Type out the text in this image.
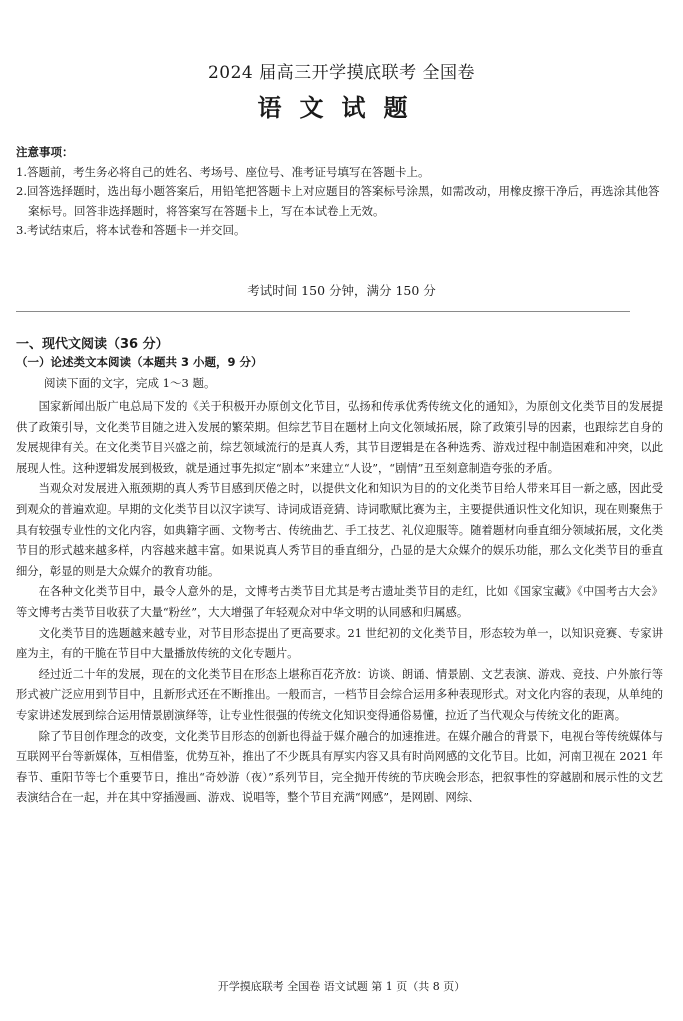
2024 届高三开学摸底联考 全国卷
语文试题
注意事项：
1.答题前，考生务必将自己的姓名、考场号、座位号、准考证号填写在答题卡上。
2.回答选择题时，选出每小题答案后，用铅笔把答题卡上对应题目的答案标号涂黑，如需改动，用橡皮擦干净后，再选涂其他答案标号。回答非选择题时，将答案写在答题卡上，写在本试卷上无效。
3.考试结束后，将本试卷和答题卡一并交回。
考试时间 150 分钟，满分 150 分
一、现代文阅读（36 分）
（一）论述类文本阅读（本题共 3 小题，9 分）
阅读下面的文字，完成 1～3 题。

国家新闻出版广电总局下发的《关于积极开办原创文化节目，弘扬和传承优秀传统文化的通知》，为原创文化类节目的发展提供了政策引导，文化类节目随之进入发展的繁荣期。但综艺节目在题材上向文化领域拓展，除了政策引导的因素，也跟综艺自身的发展规律有关。在文化类节目兴盛之前，综艺领域流行的是真人秀，其节目逻辑是在各种选秀、游戏过程中制造困难和冲突，以此展现人性。这种逻辑发展到极致，就是通过事先拟定“剧本”来建立“人设”，“剧情”丑至刻意制造夸张的矛盾。

当观众对发展进入瓶颈期的真人秀节目感到厌倦之时，以提供文化和知识为目的的文化类节目给人带来耳目一新之感，因此受到观众的普遍欢迎。早期的文化类节目以汉字读写、诗词成语竞猜、诗词歌赋比赛为主，主要提供通识性文化知识，现在则聚焦于具有较强专业性的文化内容，如典籍字画、文物考古、传统曲艺、手工技艺、礼仪迎服等。随着题材向垂直细分领域拓展，文化类节目的形式越来越多样，内容越来越丰富。如果说真人秀节目的垂直细分，凸显的是大众媒介的娱乐功能，那么文化类节目的垂直细分，彰显的则是大众媒介的教育功能。

在各种文化类节目中，最令人意外的是，文博考古类节目尤其是考古遗址类节目的走红，比如《国家宝藏》《中国考古大会》等文博考古类节目收获了大量“粉丝”，大大增强了年轻观众对中华文明的认同感和归属感。

文化类节目的选题越来越专业，对节目形态提出了更高要求。21 世纪初的文化类节目，形态较为单一，以知识竞赛、专家讲座为主，有的干脆在节目中大量播放传统的文化专题片。

经过近二十年的发展，现在的文化类节目在形态上堪称百花齐放：访谈、朗诵、情景剧、文艺表演、游戏、竞技、户外旅行等形式被广泛应用到节目中，且新形式还在不断推出。一般而言，一档节目会综合运用多种表现形式。对文化内容的表现，从单纯的专家讲述发展到综合运用情景剧演绎等，让专业性很强的传统文化知识变得通俗易懂，拉近了当代观众与传统文化的距离。

除了节目创作理念的改变，文化类节目形态的创新也得益于媒介融合的加速推进。在媒介融合的背景下，电视台等传统媒体与互联网平台等新媒体，互相借鉴，优势互补，推出了不少既具有厚实内容又具有时尚网感的文化节目。比如，河南卫视在 2021 年春节、重阳节等七个重要节日，推出“奇妙游（夜）”系列节目，完全抛开传统的节庆晚会形态，把叙事性的穿越剧和展示性的文艺表演结合在一起，并在其中穿插漫画、游戏、说唱等，整个节目充满“网感”，是网剧、网综、

开学摸底联考 全国卷 语文试题 第 1 页（共 8 页）
